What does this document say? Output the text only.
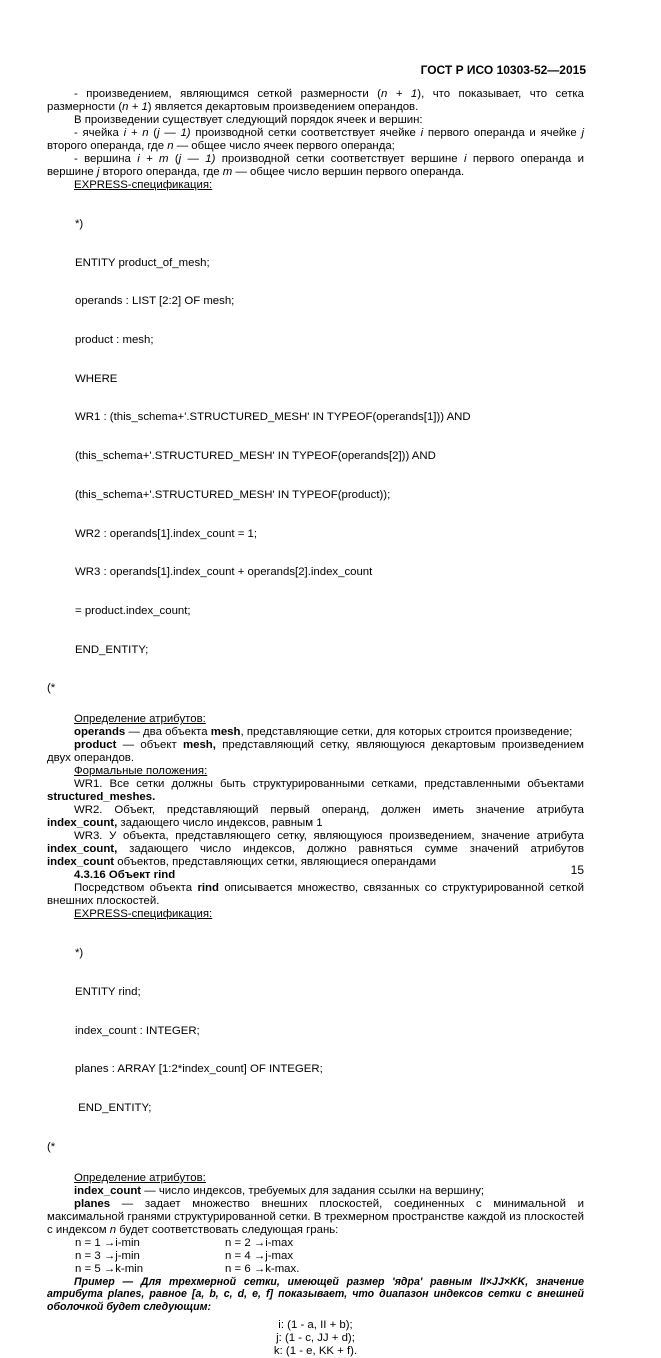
ГОСТ Р ИСО 10303-52—2015

- произведением, являющимся сеткой размерности (n + 1), что показывает, что сетка размерности (n + 1) является декартовым произведением операндов.

В произведении существует следующий порядок ячеек и вершин:

- ячейка i + n (j — 1) производной сетки соответствует ячейке i первого операнда и ячейке j второго операнда, где n — общее число ячеек первого операнда;

- вершина i + m (j — 1) производной сетки соответствует вершине i первого операнда и вершине j второго операнда, где m — общее число вершин первого операнда.

EXPRESS-спецификация:

*)

ENTITY product_of_mesh;

operands : LIST [2:2] OF mesh;

product : mesh;

WHERE

WR1 : (this_schema+'.STRUCTURED_MESH' IN TYPEOF(operands[1])) AND

(this_schema+'.STRUCTURED_MESH' IN TYPEOF(operands[2])) AND

(this_schema+'.STRUCTURED_MESH' IN TYPEOF(product));

WR2 : operands[1].index_count = 1;

WR3 : operands[1].index_count + operands[2].index_count

= product.index_count;

END_ENTITY;

(*

Определение атрибутов:

operands — два объекта mesh, представляющие сетки, для которых строится произведение;

product — объект mesh, представляющий сетку, являющуюся декартовым произведением двух операндов.

Формальные положения:

WR1. Все сетки должны быть структурированными сетками, представленными объектами structured_meshes.

WR2. Объект, представляющий первый операнд, должен иметь значение атрибута index_count, задающего число индексов, равным 1

WR3. У объекта, представляющего сетку, являющуюся произведением, значение атрибута index_count, задающего число индексов, должно равняться сумме значений атрибутов index_count объектов, представляющих сетки, являющиеся операндами

4.3.16 Объект rind

Посредством объекта rind описывается множество, связанных со структурированной сеткой внешних плоскостей.

EXPRESS-спецификация:

*)

ENTITY rind;

index_count : INTEGER;

planes : ARRAY [1:2*index_count] OF INTEGER;

END_ENTITY;

(*

Определение атрибутов:

index_count — число индексов, требуемых для задания ссылки на вершину;

planes — задает множество внешних плоскостей, соединенных с минимальной и максимальной гранями структурированной сетки. В трехмерном пространстве каждой из плоскостей с индексом n будет соответствовать следующая грань:

n = 1 →i-min	n = 2 →i-max
n = 3 →j-min	n = 4 →j-max
n = 5 →k-min	n = 6 →k-max.

Пример — Для трехмерной сетки, имеющей размер 'ядра' равным II×JJ×KK, значение атрибута planes, равное [a, b, c, d, e, f] показывает, что диапазон индексов сетки с внешней оболочкой будет следующим:

i: (1 - a, II + b);

j: (1 - c, JJ + d);

k: (1 - e, KK + f).

15
